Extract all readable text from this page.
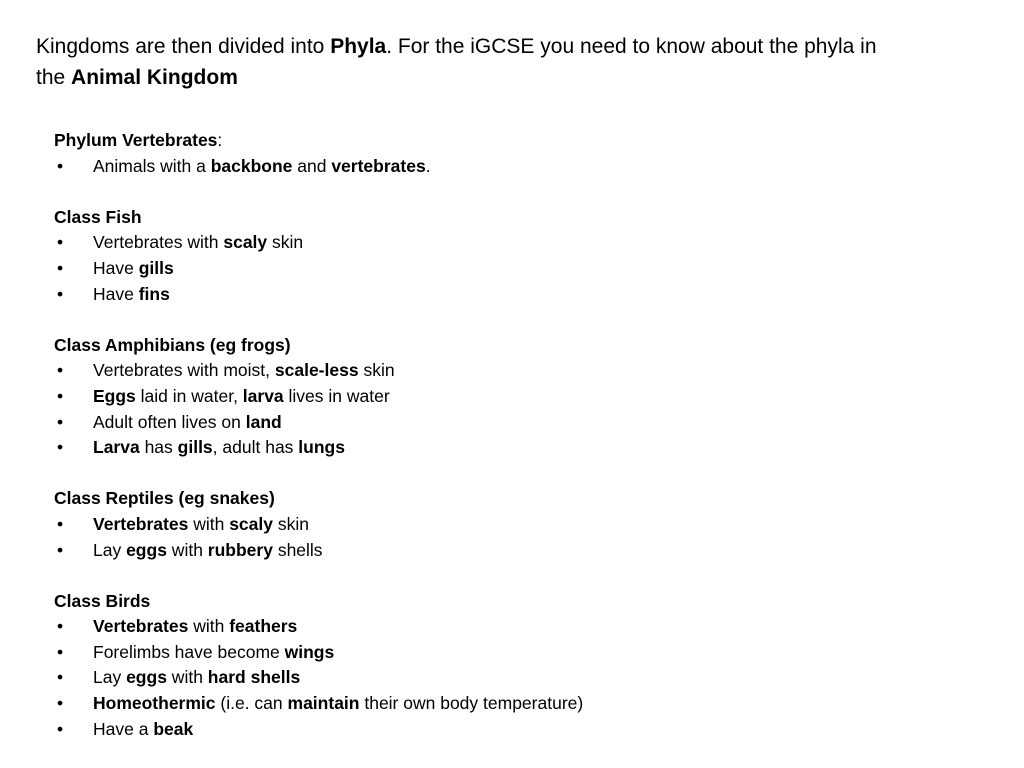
Kingdoms are then divided into Phyla. For the iGCSE you need to know about the phyla in
the Animal Kingdom
Phylum Vertebrates:
• Animals with a backbone and vertebrates.
Class Fish
• Vertebrates with scaly skin
• Have gills
• Have fins
Class Amphibians (eg frogs)
• Vertebrates with moist, scale-less skin
• Eggs laid in water, larva lives in water
• Adult often lives on land
• Larva has gills, adult has lungs
Class Reptiles (eg snakes)
• Vertebrates with scaly skin
• Lay eggs with rubbery shells
Class Birds
• Vertebrates with feathers
• Forelimbs have become wings
• Lay eggs with hard shells
• Homeothermic (i.e. can maintain their own body temperature)
• Have a beak
